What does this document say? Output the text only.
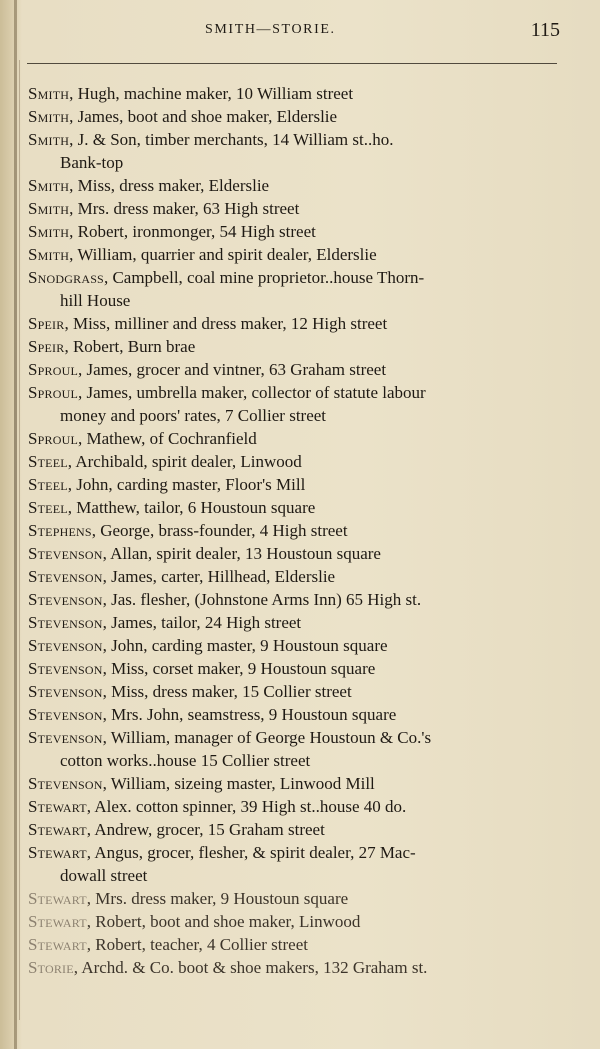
SMITH—STORIE.	115
Smith, Hugh, machine maker, 10 William street
Smith, James, boot and shoe maker, Elderslie
Smith, J. & Son, timber merchants, 14 William st..ho.
Bank-top
Smith, Miss, dress maker, Elderslie
Smith, Mrs. dress maker, 63 High street
Smith, Robert, ironmonger, 54 High street
Smith, William, quarrier and spirit dealer, Elderslie
Snodgrass, Campbell, coal mine proprietor..house Thorn-
hill House
Speir, Miss, milliner and dress maker, 12 High street
Speir, Robert, Burn brae
Sproul, James, grocer and vintner, 63 Graham street
Sproul, James, umbrella maker, collector of statute labour
money and poors' rates, 7 Collier street
Sproul, Mathew, of Cochranfield
Steel, Archibald, spirit dealer, Linwood
Steel, John, carding master, Floor's Mill
Steel, Matthew, tailor, 6 Houstoun square
Stephens, George, brass-founder, 4 High street
Stevenson, Allan, spirit dealer, 13 Houstoun square
Stevenson, James, carter, Hillhead, Elderslie
Stevenson, Jas. flesher, (Johnstone Arms Inn) 65 High st.
Stevenson, James, tailor, 24 High street
Stevenson, John, carding master, 9 Houstoun square
Stevenson, Miss, corset maker, 9 Houstoun square
Stevenson, Miss, dress maker, 15 Collier street
Stevenson, Mrs. John, seamstress, 9 Houstoun square
Stevenson, William, manager of George Houstoun & Co.'s
cotton works..house 15 Collier street
Stevenson, William, sizeing master, Linwood Mill
Stewart, Alex. cotton spinner, 39 High st..house 40 do.
Stewart, Andrew, grocer, 15 Graham street
Stewart, Angus, grocer, flesher, & spirit dealer, 27 Mac-
dowall street
Stewart, Mrs. dress maker, 9 Houstoun square
Stewart, Robert, boot and shoe maker, Linwood
Stewart, Robert, teacher, 4 Collier street
Storie, Archd. & Co. boot & shoe makers, 132 Graham st.
